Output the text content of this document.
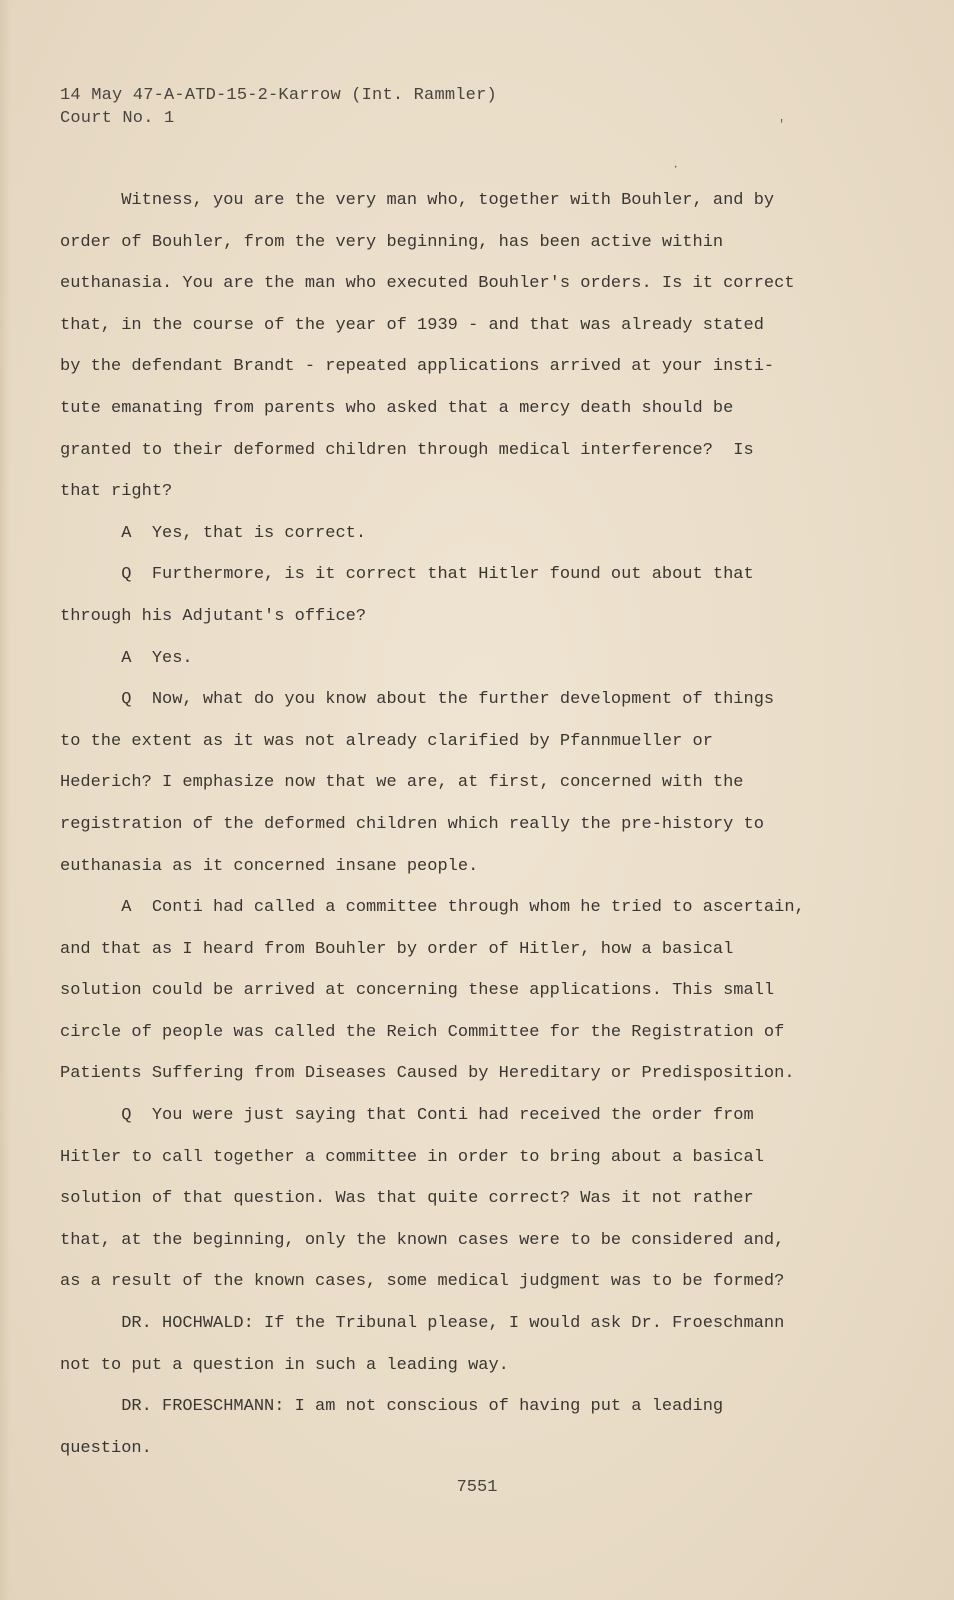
14 May 47-A-ATD-15-2-Karrow (Int. Rammler)
Court No. 1
Witness, you are the very man who, together with Bouhler, and by
order of Bouhler, from the very beginning, has been active within
euthanasia. You are the man who executed Bouhler's orders. Is it correct
that, in the course of the year of 1939 - and that was already stated
by the defendant Brandt - repeated applications arrived at your insti-
tute emanating from parents who asked that a mercy death should be
granted to their deformed children through medical interference?  Is
that right?
A  Yes, that is correct.
Q  Furthermore, is it correct that Hitler found out about that
through his Adjutant's office?
A  Yes.
Q  Now, what do you know about the further development of things
to the extent as it was not already clarified by Pfannmueller or
Hederich? I emphasize now that we are, at first, concerned with the
registration of the deformed children which really the pre-history to
euthanasia as it concerned insane people.
A  Conti had called a committee through whom he tried to ascertain,
and that as I heard from Bouhler by order of Hitler, how a basical
solution could be arrived at concerning these applications. This small
circle of people was called the Reich Committee for the Registration of
Patients Suffering from Diseases Caused by Hereditary or Predisposition.
Q  You were just saying that Conti had received the order from
Hitler to call together a committee in order to bring about a basical
solution of that question. Was that quite correct? Was it not rather
that, at the beginning, only the known cases were to be considered and,
as a result of the known cases, some medical judgment was to be formed?
DR. HOCHWALD: If the Tribunal please, I would ask Dr. Froeschmann
not to put a question in such a leading way.
DR. FROESCHMANN: I am not conscious of having put a leading
question.
7551
'
·
